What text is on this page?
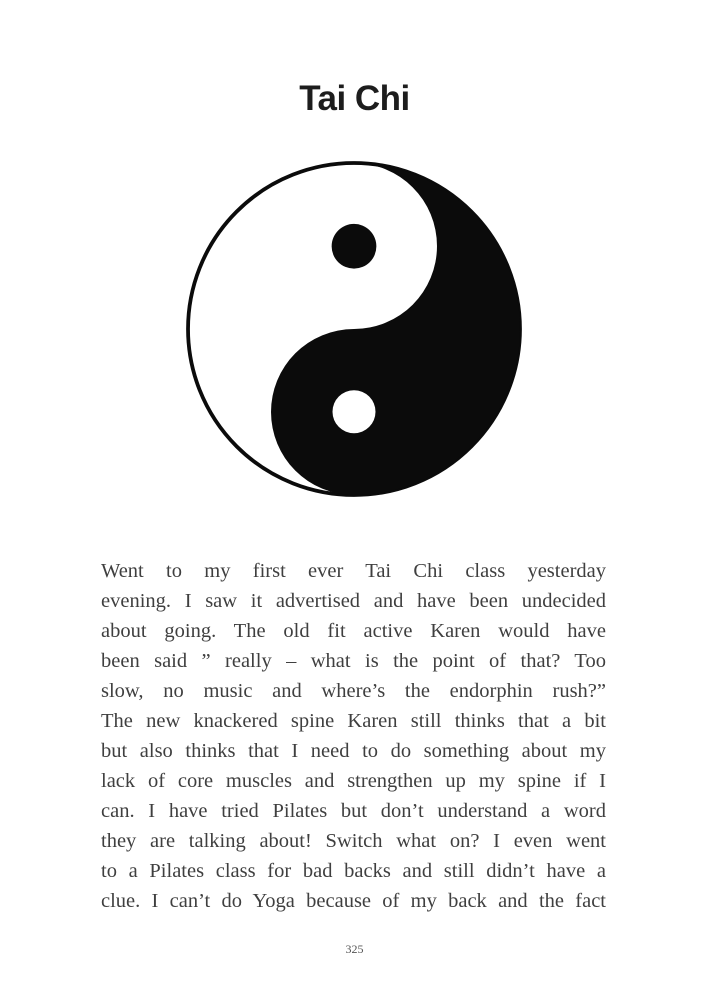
Tai Chi
Went to my first ever Tai Chi class yesterday
evening. I saw it advertised and have been undecided
about going. The old fit active Karen would have
been said ” really – what is the point of that? Too
slow, no music and where’s the endorphin rush?”
The new knackered spine Karen still thinks that a bit
but also thinks that I need to do something about my
lack of core muscles and strengthen up my spine if I
can. I have tried Pilates but don’t understand a word
they are talking about! Switch what on? I even went
to a Pilates class for bad backs and still didn’t have a
clue. I can’t do Yoga because of my back and the fact
325
